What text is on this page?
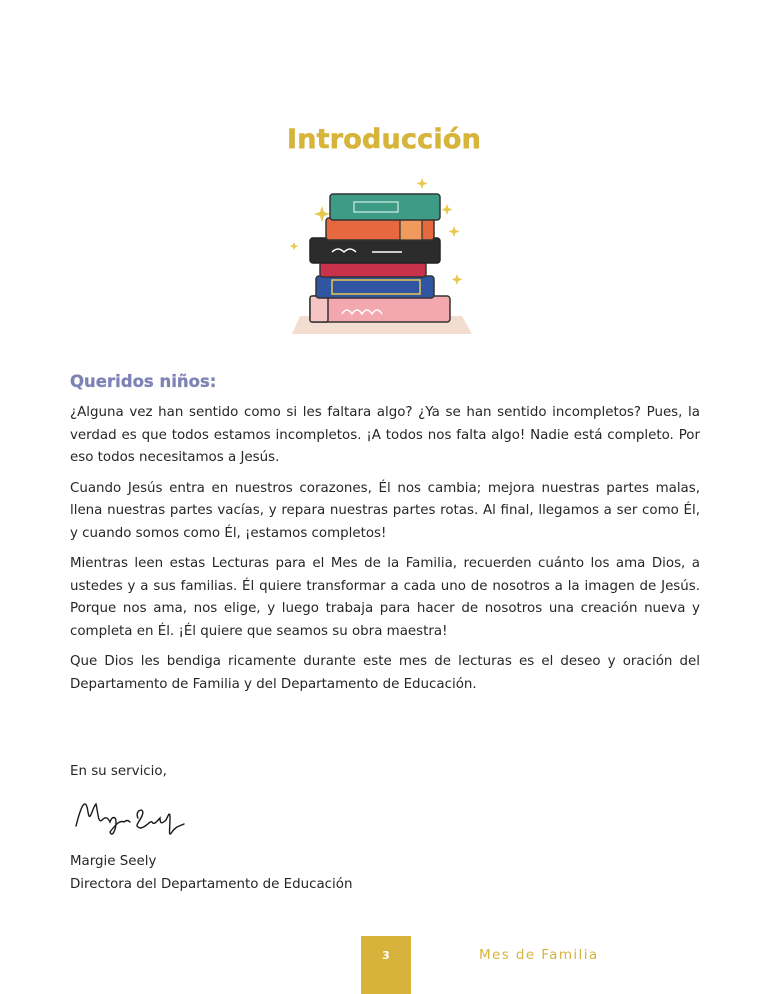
Introducción
Queridos niños:

¿Alguna vez han sentido como si les faltara algo? ¿Ya se han sentido incompletos? Pues, la verdad es que todos estamos incompletos. ¡A todos nos falta algo! Nadie está completo. Por eso todos necesitamos a Jesús.

Cuando Jesús entra en nuestros corazones, Él nos cambia; mejora nuestras partes malas, llena nuestras partes vacías, y repara nuestras partes rotas. Al final, llegamos a ser como Él, y cuando somos como Él, ¡estamos completos!

Mientras leen estas Lecturas para el Mes de la Familia, recuerden cuánto los ama Dios, a ustedes y a sus familias. Él quiere transformar a cada uno de nosotros a la imagen de Jesús. Porque nos ama, nos elige, y luego trabaja para hacer de nosotros una creación nueva y completa en Él. ¡Él quiere que seamos su obra maestra!

Que Dios les bendiga ricamente durante este mes de lecturas es el deseo y oración del Departamento de Familia y del Departamento de Educación.

En su servicio,
Margie Seely
Directora del Departamento de Educación
3	Mes de Familia
